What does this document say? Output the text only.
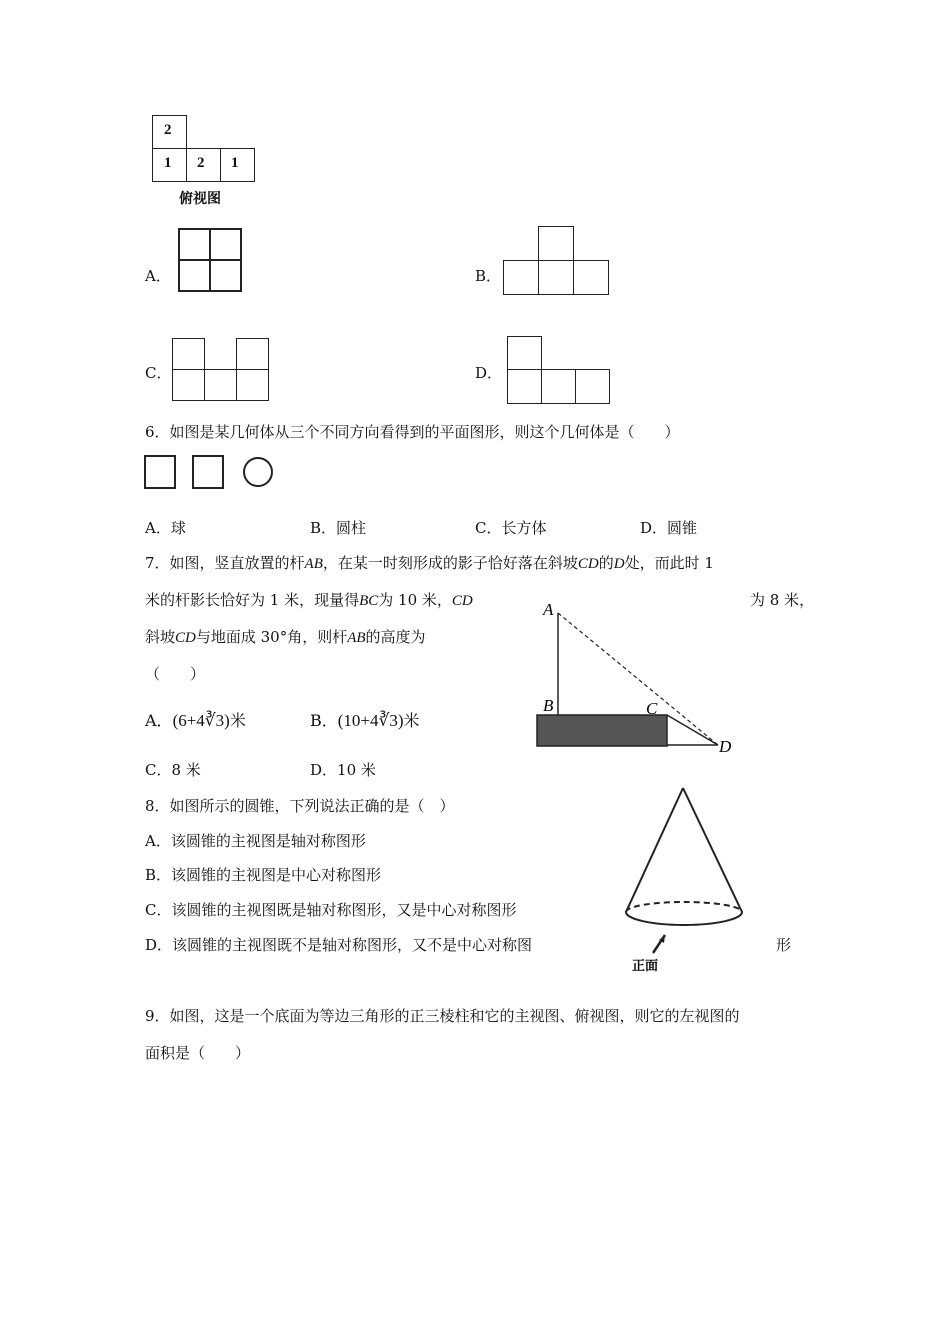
2
1 2 1
俯视图
A．	B．
C．	D．
6．如图是某几何体从三个不同方向看得到的平面图形，则这个几何体是（　　）
A．球	B．圆柱	C．长方体	D．圆锥
7．如图，竖直放置的杆AB，在某一时刻形成的影子恰好落在斜坡CD的D处，而此时 1
米的杆影长恰好为 1 米，现量得BC为 10 米，CD	为 8 米，
斜坡CD与地面成 30°角，则杆AB的高度为
（　　）
A．(6+4∛3)米	B．(10+4∛3)米
C．8 米	D．10 米
A
B	C
D
8．如图所示的圆锥，下列说法正确的是（　）
A．该圆锥的主视图是轴对称图形
B．该圆锥的主视图是中心对称图形
C．该圆锥的主视图既是轴对称图形，又是中心对称图形
D．该圆锥的主视图既不是轴对称图形，又不是中心对称图	形
正面
9．如图，这是一个底面为等边三角形的正三棱柱和它的主视图、俯视图，则它的左视图的
面积是（　　）
